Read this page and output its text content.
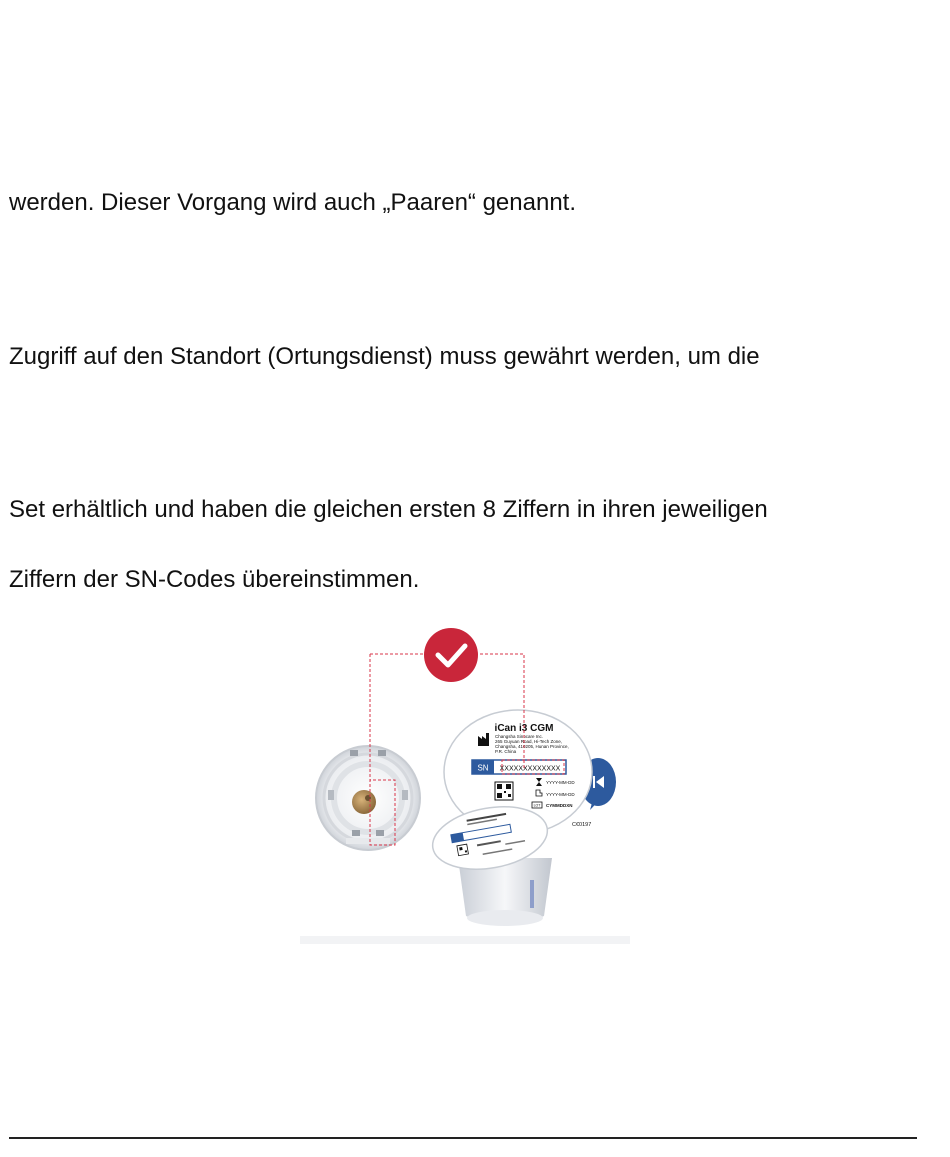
werden. Dieser Vorgang wird auch „Paaren“ genannt.
Zugriff auf den Standort (Ortungsdienst) muss gewährt werden, um die
Set erhältlich und haben die gleichen ersten 8 Ziffern in ihren jeweiligen
Ziffern der SN-Codes übereinstimmen.
iCan i3 CGM
Changsha Sinocare Inc.
265 Guyuan Road, Hi-Tech Zone,
Changsha, 410205, Hunan Province,
P.R. China
SN XXXXXXXXXXXXX
YYYY-MM-DD
YYYY-MM-DD
LOT CYMMDDXN
C€0197
